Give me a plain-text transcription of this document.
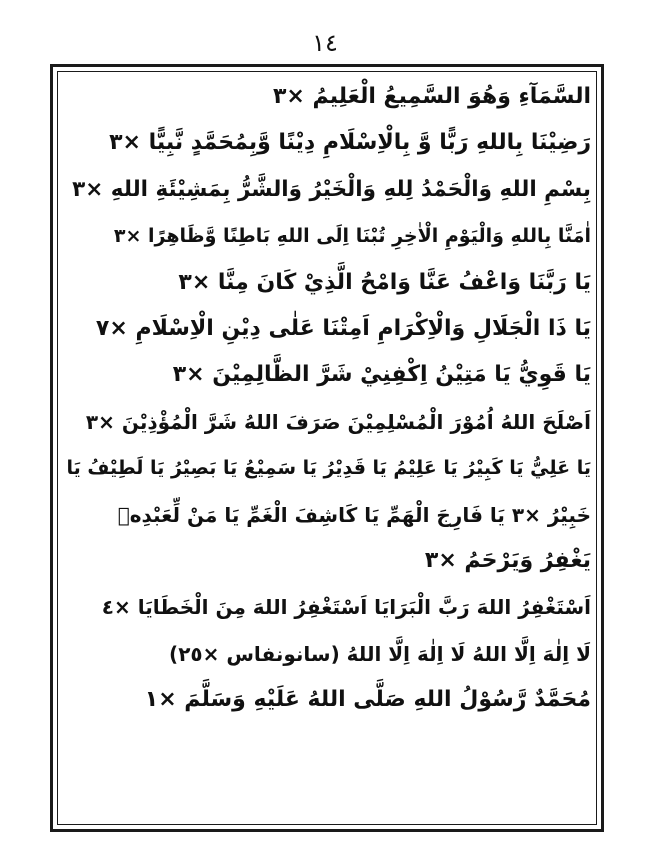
١٤
السَّمَآءِ وَهُوَ السَّمِيعُ الْعَلِيمُ ×٣
رَضِيْنَا بِاللهِ رَبًّا وَّ بِالْاِسْلَامِ دِيْنًا وَّبِمُحَمَّدٍ نَّبِيًّا ×٣
بِسْمِ اللهِ وَالْحَمْدُ لِلهِ وَالْخَيْرُ وَالشَّرُّ بِمَشِيْئَةِ اللهِ ×٣
اٰمَنَّا بِاللهِ وَالْيَوْمِ الْاٰخِرِ تُبْنَا اِلَى اللهِ بَاطِنًا وَّظَاهِرًا ×٣
يَا رَبَّنَا وَاعْفُ عَنَّا وَامْحُ الَّذِيْ كَانَ مِنَّا ×٣
يَا ذَا الْجَلَالِ وَالْاِكْرَامِ اَمِتْنَا عَلٰى دِيْنِ الْاِسْلَامِ ×٧
يَا قَوِيُّ يَا مَتِيْنُ اِكْفِنِيْ شَرَّ الظَّالِمِيْنَ ×٣
اَصْلَحَ اللهُ اُمُوْرَ الْمُسْلِمِيْنَ صَرَفَ اللهُ شَرَّ الْمُؤْذِيْنَ ×٣
يَا عَلِيُّ يَا كَبِيْرُ يَا عَلِيْمُ يَا قَدِيْرُ يَا سَمِيْعُ يَا بَصِيْرُ يَا لَطِيْفُ يَا
خَبِيْرُ ×٣ يَا فَارِجَ الْهَمِّ يَا كَاشِفَ الْغَمِّ يَا مَنْ لِّعَبْدِهٖ
يَغْفِرُ وَيَرْحَمُ ×٣
اَسْتَغْفِرُ اللهَ رَبَّ الْبَرَايَا اَسْتَغْفِرُ اللهَ مِنَ الْخَطَايَا ×٤
لَا اِلٰهَ اِلَّا اللهُ لَا اِلٰهَ اِلَّا اللهُ (سانونفاس ×٢٥)
مُحَمَّدٌ رَّسُوْلُ اللهِ صَلَّى اللهُ عَلَيْهِ وَسَلَّمَ ×١
